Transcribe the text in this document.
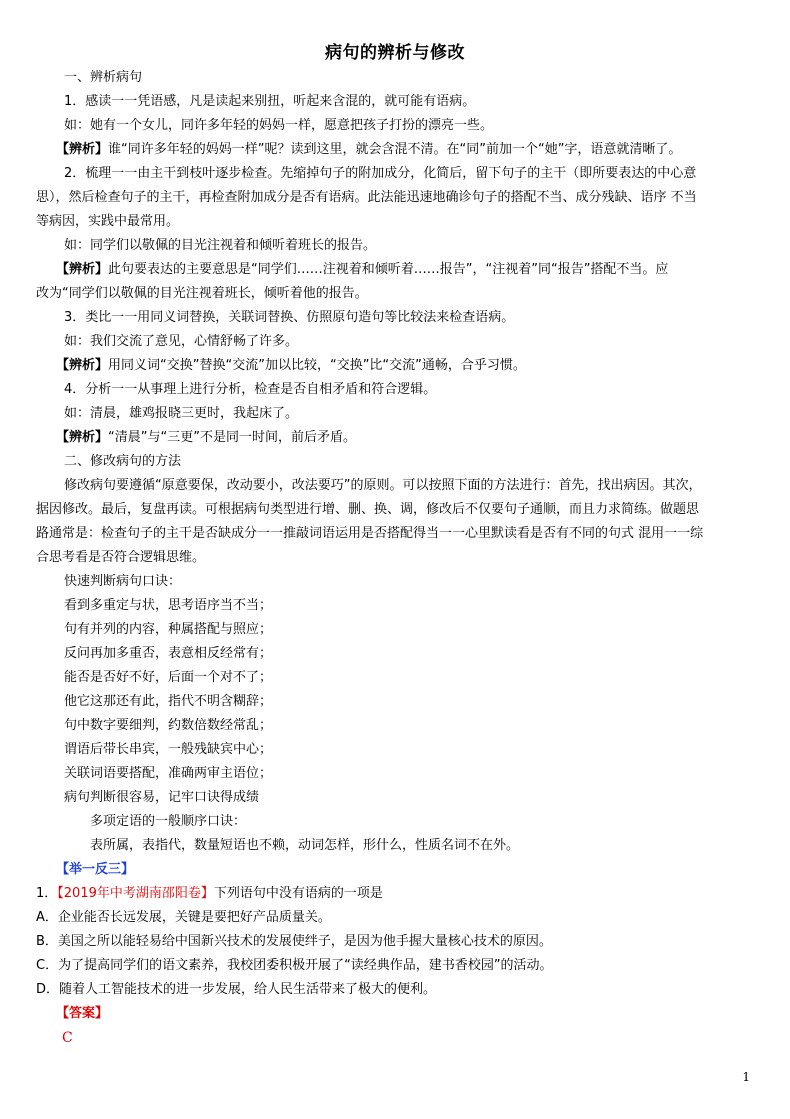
病句的辨析与修改
一、辨析病句
1．感读一一凭语感，凡是读起来别扭，听起来含混的，就可能有语病。
如：她有一个女儿，同许多年轻的妈妈一样，愿意把孩子打扮的漂亮一些。
【辨析】谁“同许多年轻的妈妈一样”呢？读到这里，就会含混不清。在“同”前加一个“她”字，语意就清晰了。
2．梳理一一由主干到枝叶逐步检查。先缩掉句子的附加成分，化简后，留下句子的主干（即所要表达的中心意
思），然后检查句子的主干，再检查附加成分是否有语病。此法能迅速地确诊句子的搭配不当、成分残缺、语序 不当
等病因，实践中最常用。
如：同学们以敬佩的目光注视着和倾听着班长的报告。
【辨析】此句要表达的主要意思是“同学们……注视着和倾听着……报告”，“注视着”同“报告”搭配不当。应
改为“同学们以敬佩的目光注视着班长，倾听着他的报告。
3．类比一一用同义词替换，关联词替换、仿照原句造句等比较法来检查语病。
如：我们交流了意见，心情舒畅了许多。
【辨析】用同义词“交换”替换“交流”加以比较，“交换”比“交流”通畅，合乎习惯。
4．分析一一从事理上进行分析，检查是否自相矛盾和符合逻辑。
如：清晨，雄鸡报晓三更时，我起床了。
【辨析】“清晨”与“三更”不是同一时间，前后矛盾。
二、修改病句的方法
修改病句要遵循“原意要保，改动要小，改法要巧”的原则。可以按照下面的方法进行：首先，找出病因。其次，
据因修改。最后，复盘再读。可根据病句类型进行增、删、换、调，修改后不仅要句子通顺，而且力求简练。做题思
路通常是：检查句子的主干是否缺成分一一推敲词语运用是否搭配得当一一心里默读看是否有不同的句式 混用一一综
合思考看是否符合逻辑思维。
快速判断病句口诀：
看到多重定与状，思考语序当不当；
句有并列的内容，种属搭配与照应；
反问再加多重否，表意相反经常有；
能否是否好不好，后面一个对不了；
他它这那还有此，指代不明含糊辞；
句中数字要细判，约数倍数经常乱；
谓语后带长串宾，一般残缺宾中心；
关联词语要搭配，准确两审主语位；
病句判断很容易，记牢口诀得成绩
多项定语的一般顺序口诀：
表所属，表指代，数量短语也不赖，动词怎样，形什么，性质名词不在外。
【举一反三】
1．【2019年中考湖南邵阳卷】下列语句中没有语病的一项是
A．企业能否长远发展，关键是要把好产品质量关。
B．美国之所以能轻易给中国新兴技术的发展使绊子，是因为他手握大量核心技术的原因。
C．为了提高同学们的语文素养，我校团委积极开展了“读经典作品，建书香校园”的活动。
D．随着人工智能技术的进一步发展，给人民生活带来了极大的便利。
【答案】
C
1
